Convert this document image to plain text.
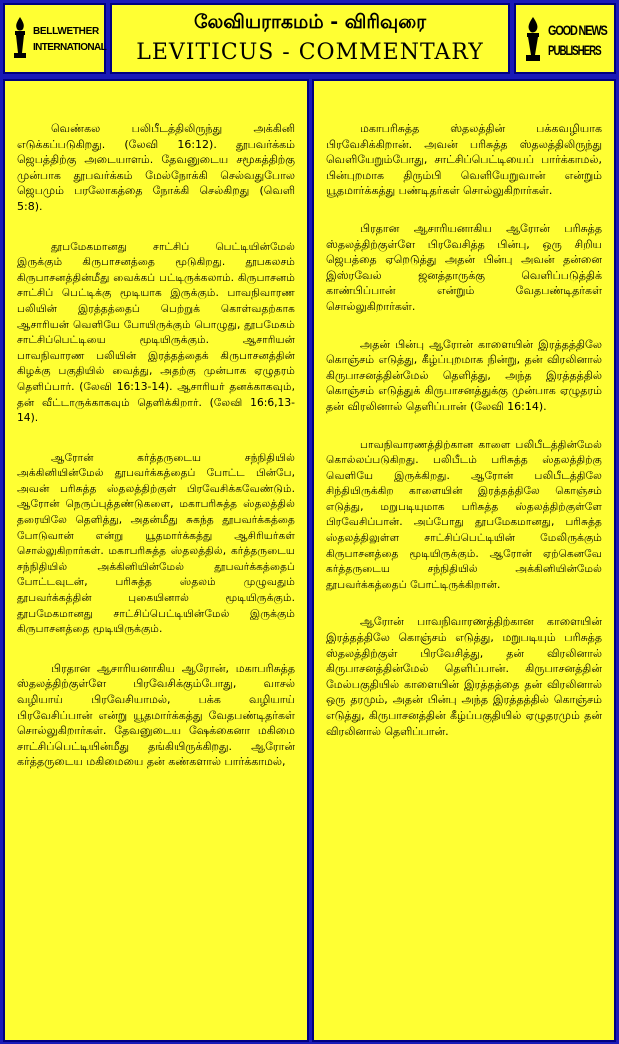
BELLWETHER
INTERNATIONAL
லேவியராகமம் - விரிவுரை
LEVITICUS - COMMENTARY
GOOD NEWS
PUBLISHERS

வெண்கல பலிபீடத்திலிருந்து அக்கினி எடுக்கப்படுகிறது. (லேவி 16:12). தூபவர்க்கம் ஜெபத்திற்கு அடையாளம். தேவனுடைய சமூகத்திற்கு முன்பாக தூபவர்க்கம் மேல்நோக்கி செல்வதுபோல ஜெபமும் பரலோகத்தை நோக்கி செல்கிறது (வெளி 5:8).

தூபமேகமானது சாட்சிப் பெட்டியின்மேல் இருக்கும் கிருபாசனத்தை மூடுகிறது. தூபகலசம் கிருபாசனத்தின்மீது வைக்கப் பட்டிருக்கலாம். கிருபாசனம் சாட்சிப் பெட்டிக்கு மூடியாக இருக்கும். பாவநிவாரண பலியின் இரத்தத்தைப் பெற்றுக் கொள்வதற்காக ஆசாரியன் வெளியே போயிருக்கும் பொழுது, தூபமேகம் சாட்சிப்பெட்டியை மூடியிருக்கும். ஆசாரியன் பாவநிவாரண பலியின் இரத்தத்தைக் கிருபாசனத்தின் கிழக்கு பகுதியில் வைத்து, அதற்கு முன்பாக ஏழுதரம் தெளிப்பார். (லேவி 16:13-14). ஆசாரியர் தனக்காகவும், தன் வீட்டாருக்காகவும் தெளிக்கிறார். (லேவி 16:6,13-14).

ஆரோன் கர்த்தருடைய சந்நிதியில் அக்கினியின்மேல் தூபவர்க்கத்தைப் போட்ட பின்பே, அவன் பரிசுத்த ஸ்தலத்திற்குள் பிரவேசிக்கவேண்டும். ஆரோன் நெருப்புத்தண்டுகளை, மகாபரிசுத்த ஸ்தலத்தில் தரையிலே தெளித்து, அதன்மீது சுகந்த தூபவர்க்கத்தை போடுவான் என்று யூதமார்க்கத்து ஆசிரியர்கள் சொல்லுகிறார்கள். மகாபரிசுத்த ஸ்தலத்தில், கர்த்தருடைய சந்நிதியில் அக்கினியின்மேல் தூபவர்க்கத்தைப் போட்டவுடன், பரிசுத்த ஸ்தலம் முழுவதும் தூபவர்க்கத்தின் புகையினால் மூடியிருக்கும். தூபமேகமானது சாட்சிப்பெட்டியின்மேல் இருக்கும் கிருபாசனத்தை மூடியிருக்கும்.

பிரதான ஆசாரியனாகிய ஆரோன், மகாபரிசுத்த ஸ்தலத்திற்குள்ளே பிரவேசிக்கும்போது, வாசல் வழியாய் பிரவேசியாமல், பக்க வழியாய் பிரவேசிப்பான் என்று யூதமார்க்கத்து வேதபண்டிதர்கள் சொல்லுகிறார்கள். தேவனுடைய ஷேக்கைனா மகிமை சாட்சிப்பெட்டியின்மீது தங்கியிருக்கிறது. ஆரோன் கர்த்தருடைய மகிமையை தன் கண்களால் பார்க்காமல்,

மகாபரிசுத்த ஸ்தலத்தின் பக்கவழியாக பிரவேசிக்கிறான். அவன் பரிசுத்த ஸ்தலத்திலிருந்து வெளியேறும்போது, சாட்சிப்பெட்டியைப் பார்க்காமல், பின்புறமாக திரும்பி வெளியேறுவான் என்றும் யூதமார்க்கத்து பண்டிதர்கள் சொல்லுகிறார்கள்.

பிரதான ஆசாரியனாகிய ஆரோன் பரிசுத்த ஸ்தலத்திற்குள்ளே பிரவேசித்த பின்பு, ஒரு சிறிய ஜெபத்தை ஏறெடுத்து அதன் பின்பு அவன் தன்னை இஸ்ரவேல் ஜனத்தாருக்கு வெளிப்படுத்திக் காண்பிப்பான் என்றும் வேதபண்டிதர்கள் சொல்லுகிறார்கள்.

அதன் பின்பு ஆரோன் காளையின் இரத்தத்திலே கொஞ்சம் எடுத்து, கீழ்ப்புறமாக நின்று, தன் விரலினால் கிருபாசனத்தின்மேல் தெளித்து, அந்த இரத்தத்தில் கொஞ்சம் எடுத்துக் கிருபாசனத்துக்கு முன்பாக ஏழுதரம் தன் விரலினால் தெளிப்பான் (லேவி 16:14).

பாவநிவாரணத்திற்கான காளை பலிபீடத்தின்மேல் கொல்லப்படுகிறது. பலிபீடம் பரிசுத்த ஸ்தலத்திற்கு வெளியே இருக்கிறது. ஆரோன் பலிபீடத்திலே சிந்தியிருக்கிற காளையின் இரத்தத்திலே கொஞ்சம் எடுத்து, மறுபடியுமாக பரிசுத்த ஸ்தலத்திற்குள்ளே பிரவேசிப்பான். அப்போது தூபமேகமானது, பரிசுத்த ஸ்தலத்திலுள்ள சாட்சிப்பெட்டியின் மேலிருக்கும் கிருபாசனத்தை மூடியிருக்கும். ஆரோன் ஏற்கெனவே கர்த்தருடைய சந்நிதியில் அக்கினியின்மேல் தூபவர்க்கத்தைப் போட்டிருக்கிறான்.

ஆரோன் பாவநிவாரணத்திற்கான காளையின் இரத்தத்திலே கொஞ்சம் எடுத்து, மறுபடியும் பரிசுத்த ஸ்தலத்திற்குள் பிரவேசித்து, தன் விரலினால் கிருபாசனத்தின்மேல் தெளிப்பான். கிருபாசனத்தின் மேல்பகுதியில் காளையின் இரத்தத்தை தன் விரலினால் ஒரு தரமும், அதன் பின்பு அந்த இரத்தத்தில் கொஞ்சம் எடுத்து, கிருபாசனத்தின் கீழ்ப்பகுதியில் ஏழுதரமும் தன் விரலினால் தெளிப்பான்.
